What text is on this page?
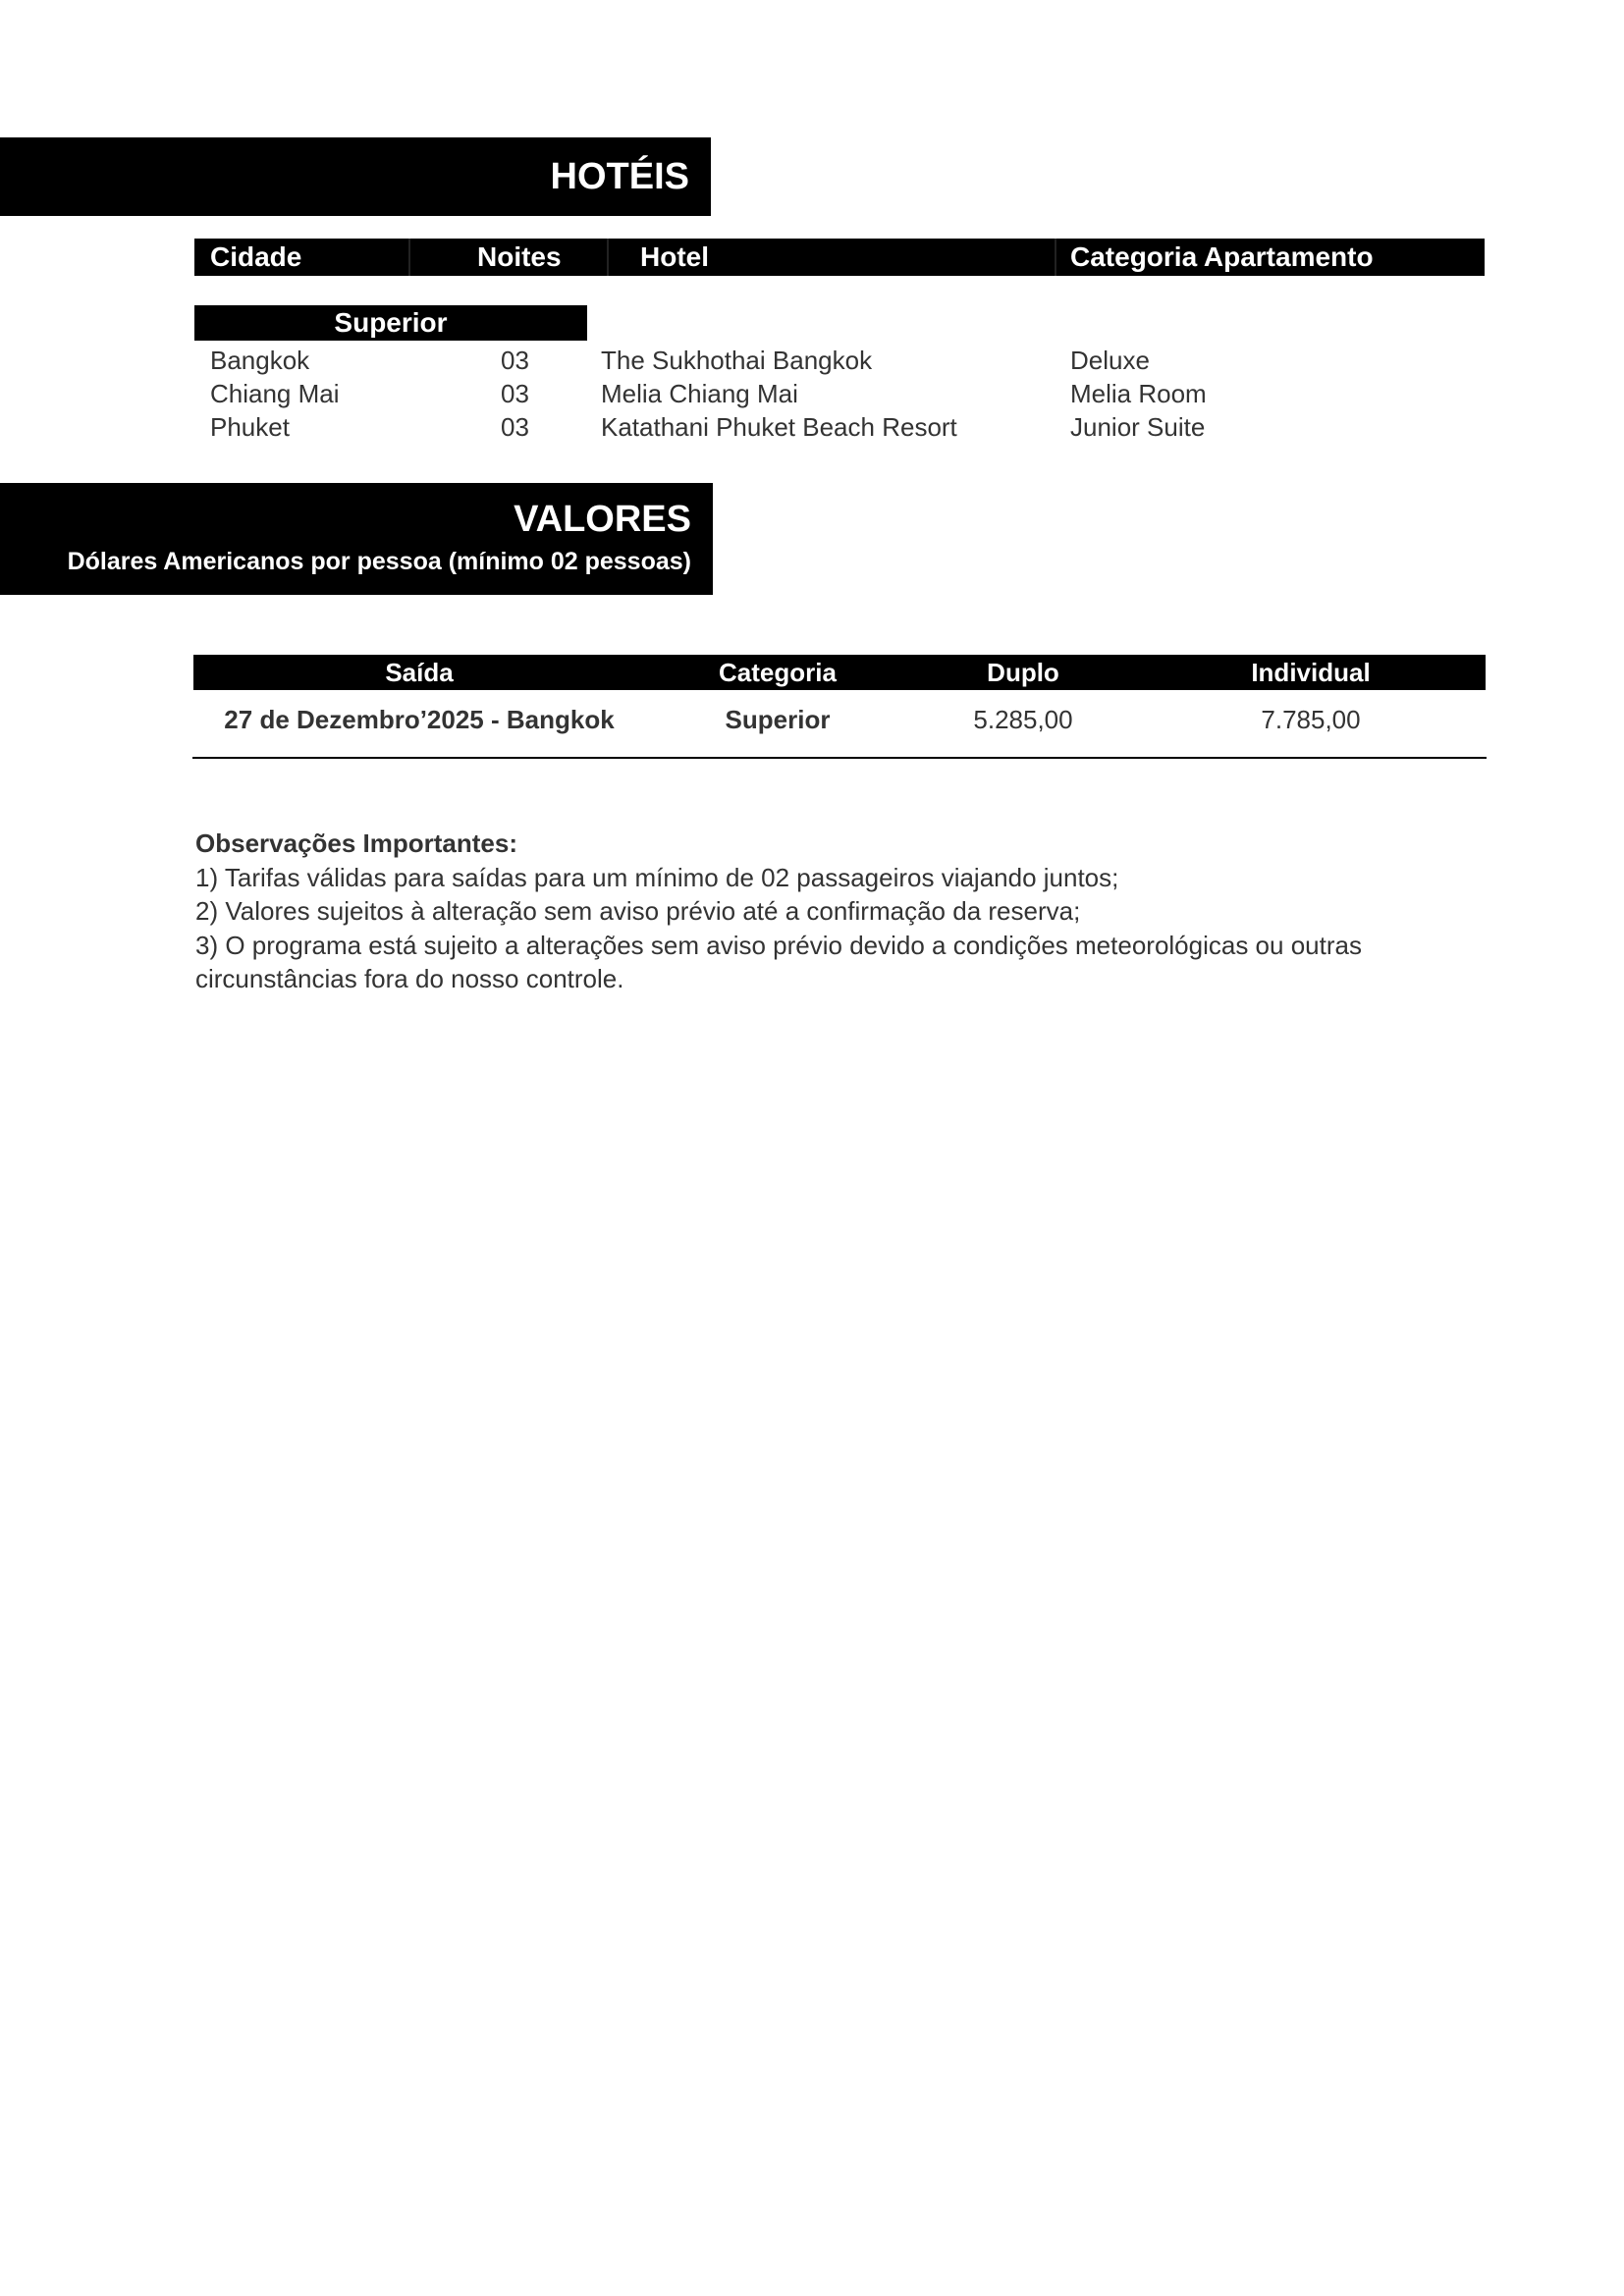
HOTÉIS
Cidade	Noites	Hotel	Categoria Apartamento
Superior
Bangkok	03	The Sukhothai Bangkok	Deluxe
Chiang Mai	03	Melia Chiang Mai	Melia Room
Phuket	03	Katathani Phuket Beach Resort	Junior Suite
VALORES
Dólares Americanos por pessoa (mínimo 02 pessoas)
Saída	Categoria	Duplo	Individual
27 de Dezembro’2025 - Bangkok	Superior	5.285,00	7.785,00
Observações Importantes:
1) Tarifas válidas para saídas para um mínimo de 02 passageiros viajando juntos;
2) Valores sujeitos à alteração sem aviso prévio até a confirmação da reserva;
3) O programa está sujeito a alterações sem aviso prévio devido a condições meteorológicas ou outras circunstâncias fora do nosso controle.
